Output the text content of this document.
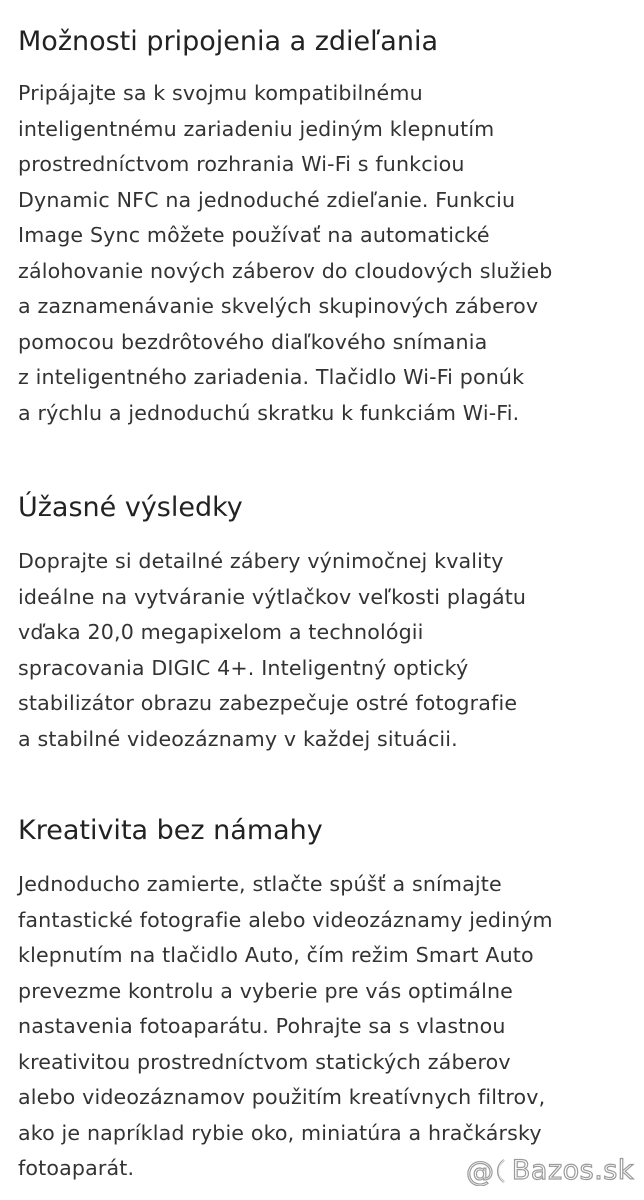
Možnosti pripojenia a zdieľania

Pripájajte sa k svojmu kompatibilnému
inteligentnému zariadeniu jediným klepnutím
prostredníctvom rozhrania Wi-Fi s funkciou
Dynamic NFC na jednoduché zdieľanie. Funkciu
Image Sync môžete používať na automatické
zálohovanie nových záberov do cloudových služieb
a zaznamenávanie skvelých skupinových záberov
pomocou bezdrôtového diaľkového snímania
z inteligentného zariadenia. Tlačidlo Wi-Fi ponúk
a rýchlu a jednoduchú skratku k funkciám Wi-Fi.

Úžasné výsledky

Doprajte si detailné zábery výnimočnej kvality
ideálne na vytváranie výtlačkov veľkosti plagátu
vďaka 20,0 megapixelom a technológii
spracovania DIGIC 4+. Inteligentný optický
stabilizátor obrazu zabezpečuje ostré fotografie
a stabilné videozáznamy v každej situácii.

Kreativita bez námahy

Jednoducho zamierte, stlačte spúšť a snímajte
fantastické fotografie alebo videozáznamy jediným
klepnutím na tlačidlo Auto, čím režim Smart Auto
prevezme kontrolu a vyberie pre vás optimálne
nastavenia fotoaparátu. Pohrajte sa s vlastnou
kreativitou prostredníctvom statických záberov
alebo videozáznamov použitím kreatívnych filtrov,
ako je napríklad rybie oko, miniatúra a hračkársky
fotoaparát.	@ Bazos.sk
